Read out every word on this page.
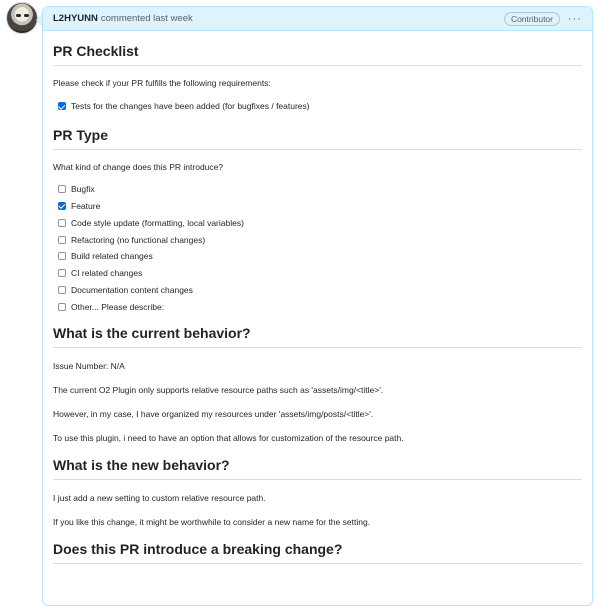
L2HYUNN commented last week	Contributor	···
PR Checklist

Please check if your PR fulfills the following requirements:

Tests for the changes have been added (for bugfixes / features)
PR Type

What kind of change does this PR introduce?

Bugfix
Feature
Code style update (formatting, local variables)
Refactoring (no functional changes)
Build related changes
CI related changes
Documentation content changes
Other... Please describe:
What is the current behavior?

Issue Number: N/A

The current O2 Plugin only supports relative resource paths such as 'assets/img/<title>'.

However, in my case, I have organized my resources under 'assets/img/posts/<title>'.

To use this plugin, i need to have an option that allows for customization of the resource path.

What is the new behavior?

I just add a new setting to custom relative resource path.

If you like this change, it might be worthwhile to consider a new name for the setting.

Does this PR introduce a breaking change?
